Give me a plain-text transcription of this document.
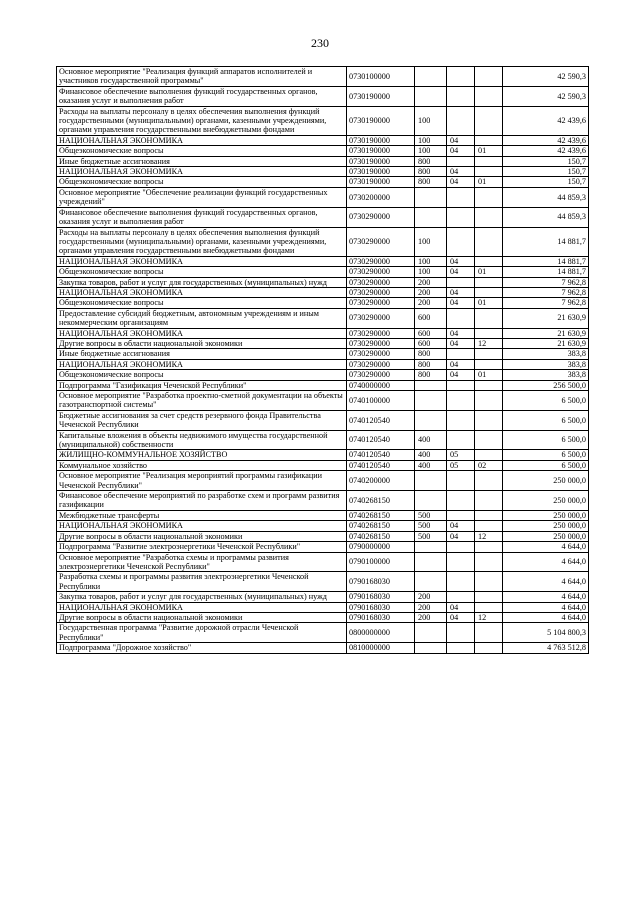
230
Основное мероприятие "Реализация функций аппаратов исполнителей и участников государственной программы"	0730100000				42 590,3
Финансовое обеспечение выполнения функций государственных органов, оказания услуг и выполнения работ	0730190000				42 590,3
Расходы на выплаты персоналу в целях обеспечения выполнения функций государственными (муниципальными) органами, казенными учреждениями, органами управления государственными внебюджетными фондами	0730190000	100			42 439,6
НАЦИОНАЛЬНАЯ ЭКОНОМИКА	0730190000	100	04		42 439,6
Общеэкономические вопросы	0730190000	100	04	01	42 439,6
Иные бюджетные ассигнования	0730190000	800			150,7
НАЦИОНАЛЬНАЯ ЭКОНОМИКА	0730190000	800	04		150,7
Общеэкономические вопросы	0730190000	800	04	01	150,7
Основное мероприятие "Обеспечение реализации функций государственных учреждений"	0730200000				44 859,3
Финансовое обеспечение выполнения функций государственных органов, оказания услуг и выполнения работ	0730290000				44 859,3
Расходы на выплаты персоналу в целях обеспечения выполнения функций государственными (муниципальными) органами, казенными учреждениями, органами управления государственными внебюджетными фондами	0730290000	100			14 881,7
НАЦИОНАЛЬНАЯ ЭКОНОМИКА	0730290000	100	04		14 881,7
Общеэкономические вопросы	0730290000	100	04	01	14 881,7
Закупка товаров, работ и услуг для государственных (муниципальных) нужд	0730290000	200			7 962,8
НАЦИОНАЛЬНАЯ ЭКОНОМИКА	0730290000	200	04		7 962,8
Общеэкономические вопросы	0730290000	200	04	01	7 962,8
Предоставление субсидий бюджетным, автономным учреждениям и иным некоммерческим организациям	0730290000	600			21 630,9
НАЦИОНАЛЬНАЯ ЭКОНОМИКА	0730290000	600	04		21 630,9
Другие вопросы в области национальной экономики	0730290000	600	04	12	21 630,9
Иные бюджетные ассигнования	0730290000	800			383,8
НАЦИОНАЛЬНАЯ ЭКОНОМИКА	0730290000	800	04		383,8
Общеэкономические вопросы	0730290000	800	04	01	383,8
Подпрограмма "Газификация Чеченской Республики"	0740000000				256 500,0
Основное мероприятие "Разработка проектно-сметной документации на объекты газотранспортной системы"	0740100000				6 500,0
Бюджетные ассигнования за счет средств резервного фонда Правительства Чеченской Республики	0740120540				6 500,0
Капитальные вложения в объекты недвижимого имущества государственной (муниципальной) собственности	0740120540	400			6 500,0
ЖИЛИЩНО-КОММУНАЛЬНОЕ ХОЗЯЙСТВО	0740120540	400	05		6 500,0
Коммунальное хозяйство	0740120540	400	05	02	6 500,0
Основное мероприятие "Реализация мероприятий программы газификации Чеченской Республики"	0740200000				250 000,0
Финансовое обеспечение мероприятий по разработке схем и программ развития газификации	0740268150				250 000,0
Межбюджетные трансферты	0740268150	500			250 000,0
НАЦИОНАЛЬНАЯ ЭКОНОМИКА	0740268150	500	04		250 000,0
Другие вопросы в области национальной экономики	0740268150	500	04	12	250 000,0
Подпрограмма "Развитие электроэнергетики Чеченской Республики"	0790000000				4 644,0
Основное мероприятие "Разработка схемы и программы развития электроэнергетики Чеченской Республики"	0790100000				4 644,0
Разработка схемы и программы развития электроэнергетики Чеченской Республики	0790168030				4 644,0
Закупка товаров, работ и услуг для государственных (муниципальных) нужд	0790168030	200			4 644,0
НАЦИОНАЛЬНАЯ ЭКОНОМИКА	0790168030	200	04		4 644,0
Другие вопросы в области национальной экономики	0790168030	200	04	12	4 644,0
Государственная программа "Развитие дорожной отрасли Чеченской Республики"	0800000000				5 104 800,3
Подпрограмма "Дорожное хозяйство"	0810000000				4 763 512,8
